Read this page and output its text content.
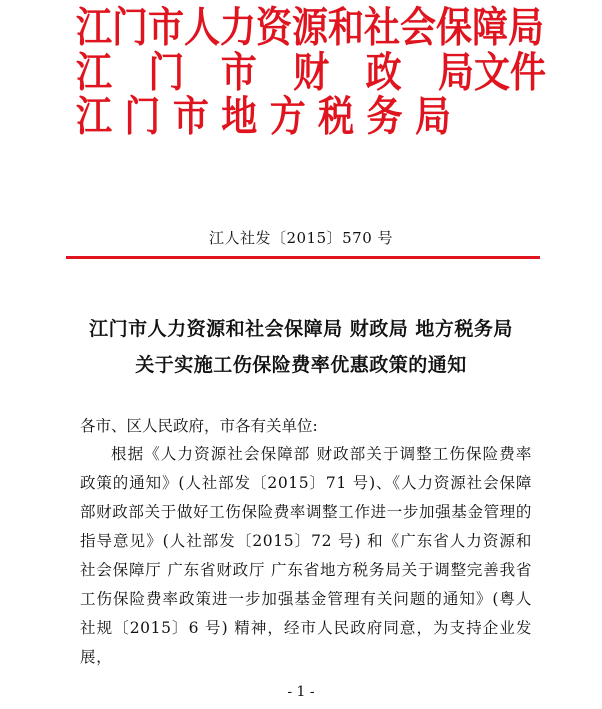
江门市人力资源和社会保障局
江 门 市 财 政 局文件
江 门 市 地 方 税 务 局
江人社发〔2015〕570 号
江门市人力资源和社会保障局 财政局 地方税务局
关于实施工伤保险费率优惠政策的通知
各市、区人民政府，市各有关单位:
根据《人力资源社会保障部 财政部关于调整工伤保险费率政策的通知》(人社部发〔2015〕71 号)、《人力资源社会保障部财政部关于做好工伤保险费率调整工作进一步加强基金管理的指导意见》(人社部发〔2015〕72 号) 和《广东省人力资源和社会保障厅 广东省财政厅 广东省地方税务局关于调整完善我省工伤保险费率政策进一步加强基金管理有关问题的通知》(粤人社规〔2015〕6 号) 精神，经市人民政府同意，为支持企业发展，
- 1 -
